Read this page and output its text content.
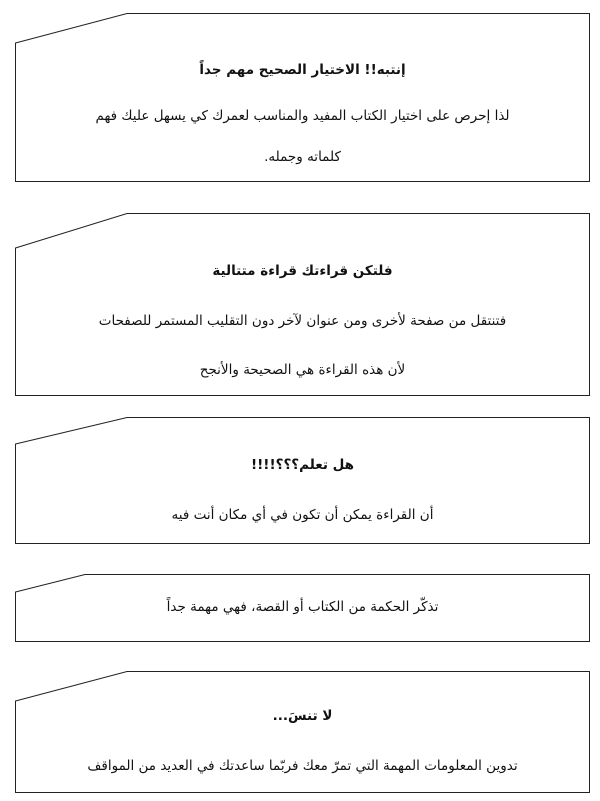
إنتبه!! الاختيار الصحيح مهم جداً
لذا إحرص على اختيار الكتاب المفيد والمناسب لعمرك كي يسهل عليك فهم
كلماته وجمله.
فلتكن قراءتك قراءة متتالية
فتنتقل من صفحة لأخرى ومن عنوان لآخر دون التقليب المستمر للصفحات
لأن هذه القراءة هي الصحيحة والأنجح
هل تعلم؟؟؟!!!!
أن القراءة يمكن أن تكون في أي مكان أنت فيه
تذكّر الحكمة من الكتاب أو القصة، فهي مهمة جداً
لا تنسَ...
تدوين المعلومات المهمة التي تمرّ معك فربّما ساعدتك في العديد من المواقف
